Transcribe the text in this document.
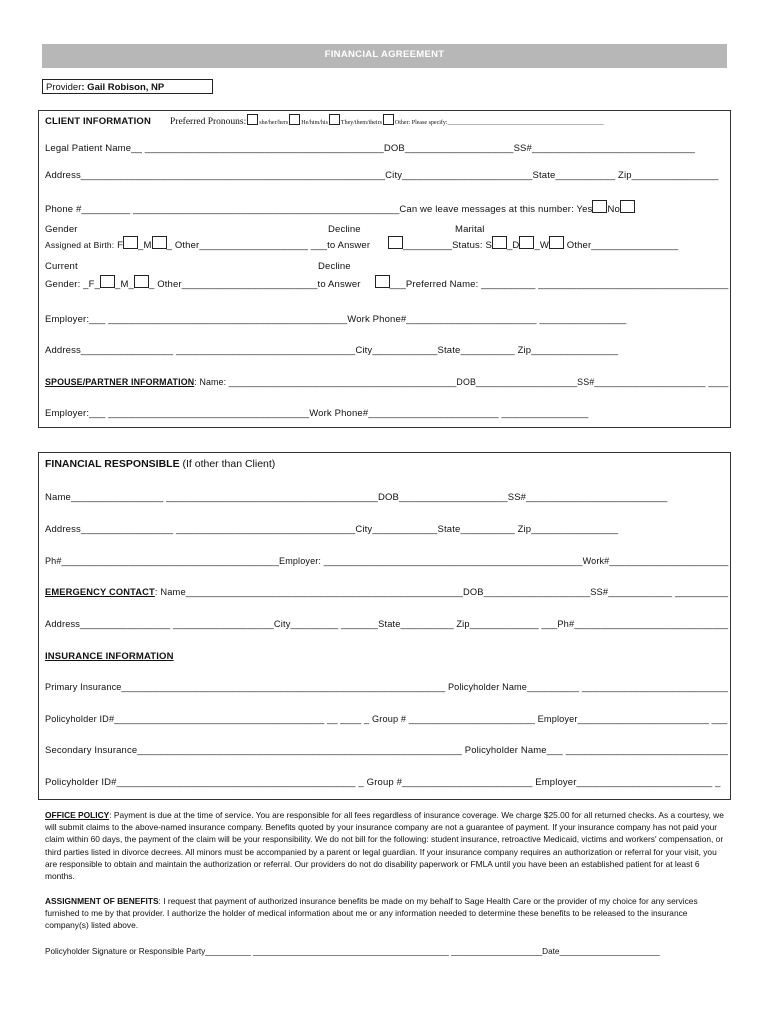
FINANCIAL AGREEMENT
Provider: Gail Robison, NP
CLIENT INFORMATION Preferred Pronouns: she/her/hers He/him/his They/them/theirs Other: Please specify:____________________________________________________
Legal Patient Name__ ____________________________________________DOB____________________SS#______________________________
Address________________________________________________________City________________________State___________ Zip________________
Phone #_________ _________________________________________________Can we leave messages at this number: Yes No
Gender	Decline	Marital
Assigned at Birth: F _M _ Other____________________ ___to Answer	_________Status: S _D _W Other________________
Current	Decline
Gender: _F_ _M_ _ Other_________________________to Answer	___Preferred Name: __________ ___________________________________
Employer:___ ____________________________________________Work Phone#________________________ ________________
Address_________________ _________________________________City____________State__________ Zip________________
SPOUSE/PARTNER INFORMATION: Name: _____________________________________________DOB____________________SS#______________________ ____
Employer:___ _____________________________________Work Phone#________________________ ________________
FINANCIAL RESPONSIBLE (If other than Client)
Name_________________ _______________________________________DOB____________________SS#__________________________
Address_________________ _________________________________City____________State__________ Zip________________
Ph#__________________________________________Employer: __________________________________________________Work#_______________________
EMERGENCY CONTACT: Name____________________________________________________DOB____________________SS#____________ __________
Address_________________ ___________________City_________ _______State__________ Zip_____________ ___Ph#_____________________________
INSURANCE INFORMATION
Primary Insurance______________________________________________________________ Policyholder Name__________ ____________________________
Policyholder ID#________________________________________ __ ____ _ Group # ________________________ Employer_________________________ ___
Secondary Insurance____________________________________________________________ Policyholder Name___ ______________________________
Policyholder ID#____________________________________________ _ Group #________________________ Employer_________________________ _
OFFICE POLICY: Payment is due at the time of service. You are responsible for all fees regardless of insurance coverage. We charge $25.00 for all returned checks. As a courtesy, we will submit claims to the above-named insurance company. Benefits quoted by your insurance company are not a guarantee of payment. If your insurance company has not paid your claim within 60 days, the payment of the claim will be your responsibility. We do not bill for the following: student insurance, retroactive Medicaid, victims and workers' compensation, or third parties listed in divorce decrees. All minors must be accompanied by a parent or legal guardian. If your insurance company requires an authorization or referral for your visit, you are responsible to obtain and maintain the authorization or referral. Our providers do not do disability paperwork or FMLA until you have been an established patient for at least 6 months.
ASSIGNMENT OF BENEFITS: I request that payment of authorized insurance benefits be made on my behalf to Sage Health Care or the provider of my choice for any services furnished to me by that provider. I authorize the holder of medical information about me or any information needed to determine these benefits to be released to the insurance company(s) listed above.
Policyholder Signature or Responsible Party__________ ___________________________________________ ____________________Date______________________
